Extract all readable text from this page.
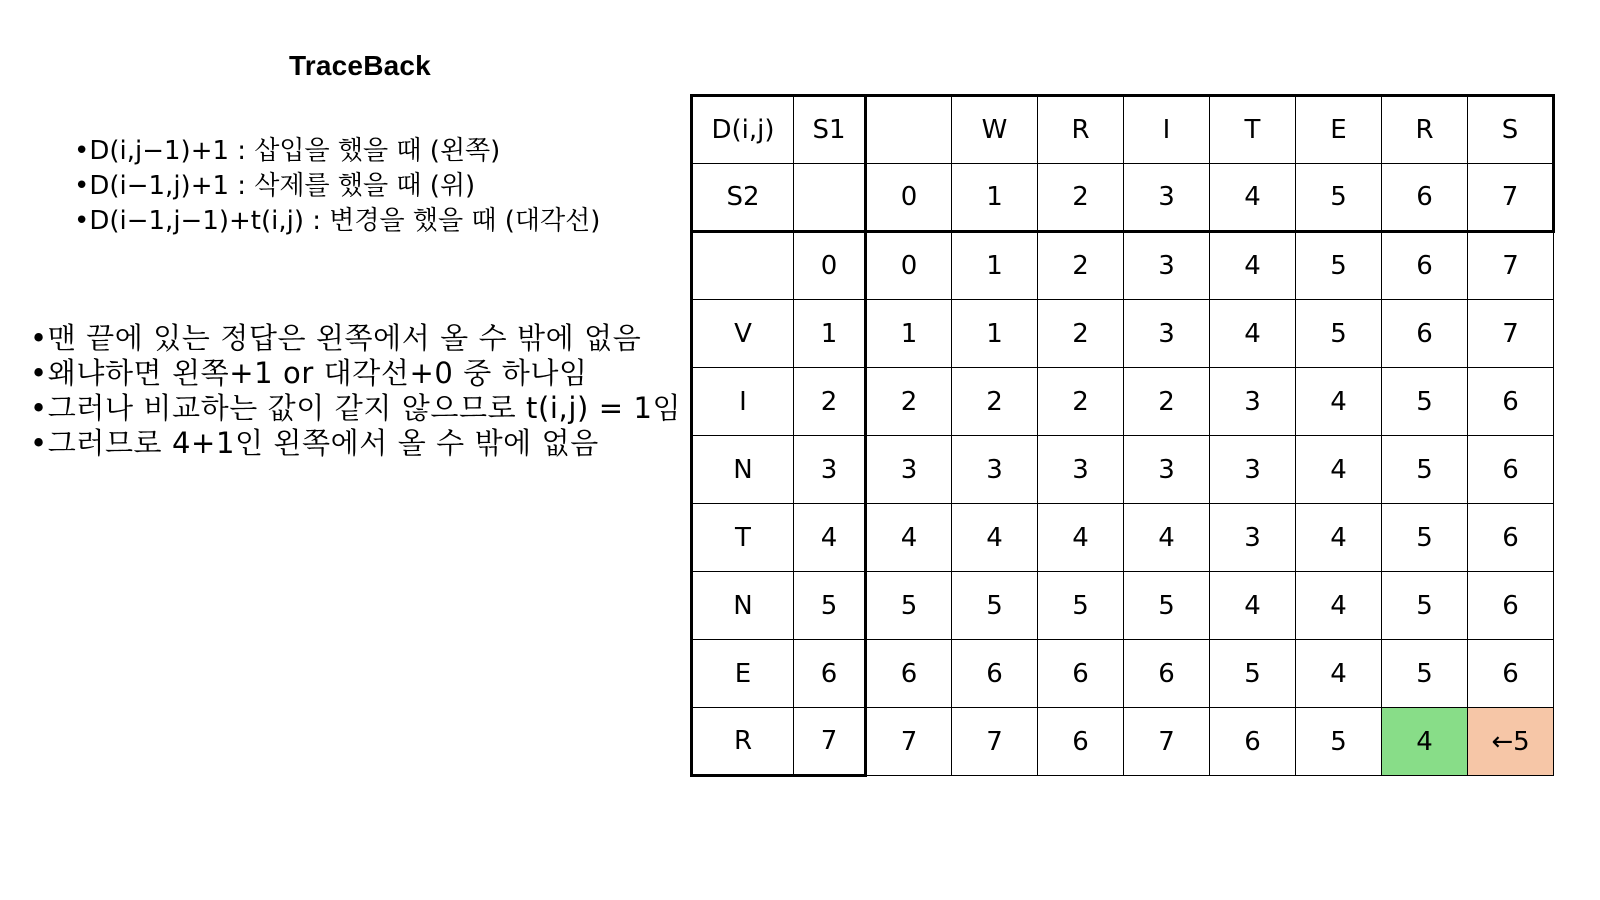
TraceBack
• D(i,j−1)+1 : 삽입을 했을 때 (왼쪽)
• D(i−1,j)+1 : 삭제를 했을 때 (위)
• D(i−1,j−1)+t(i,j) : 변경을 했을 때 (대각선)
• 맨 끝에 있는 정답은 왼쪽에서 올 수 밖에 없음
• 왜냐하면 왼쪽+1 or 대각선+0 중 하나임
• 그러나 비교하는 값이 같지 않으므로 t(i,j) = 1임
• 그러므로 4+1인 왼쪽에서 올 수 밖에 없음
D(i,j)	S1		W	R	I	T	E	R	S
S2		0	1	2	3	4	5	6	7
	0	0	1	2	3	4	5	6	7
V	1	1	1	2	3	4	5	6	7
I	2	2	2	2	2	3	4	5	6
N	3	3	3	3	3	3	4	5	6
T	4	4	4	4	4	3	4	5	6
N	5	5	5	5	5	4	4	5	6
E	6	6	6	6	6	5	4	5	6
R	7	7	7	6	7	6	5	4	←5
